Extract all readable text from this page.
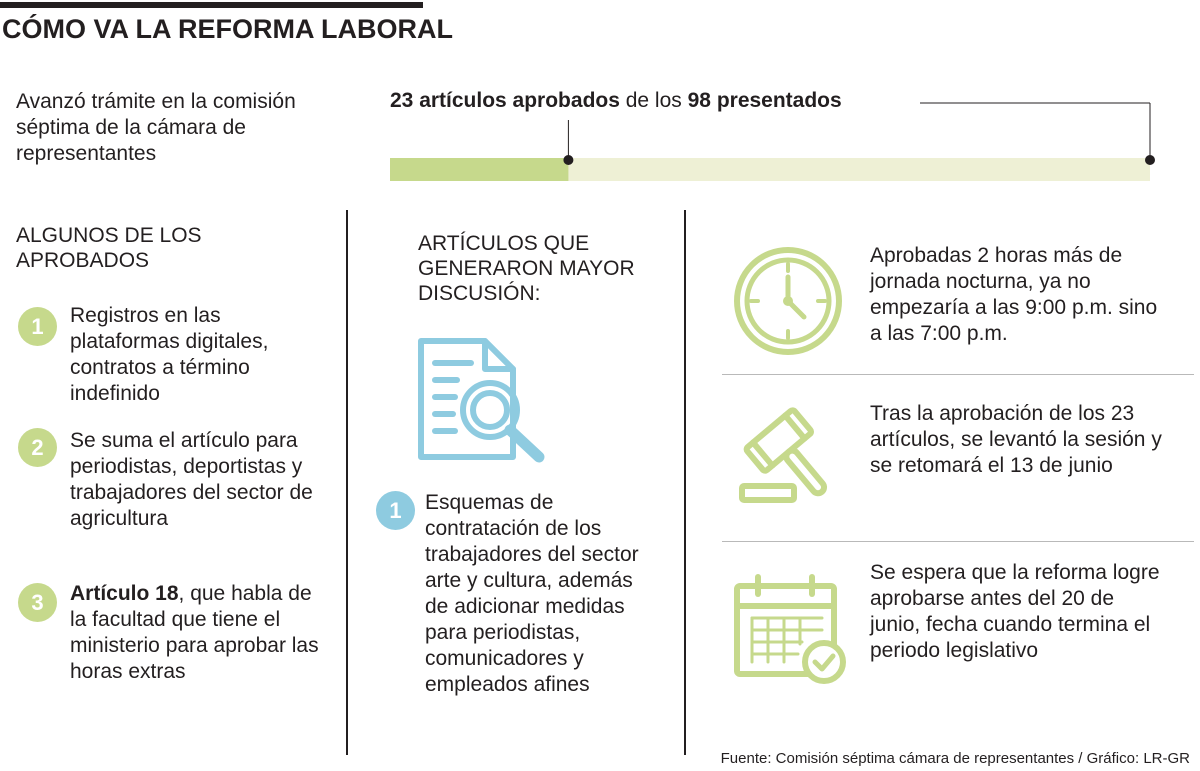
CÓMO VA LA REFORMA LABORAL
Avanzó trámite en la comisión séptima de la cámara de representantes
23 artículos aprobados de los 98 presentados
ALGUNOS DE LOS APROBADOS
1	Registros en las plataformas digitales, contratos a término indefinido
2	Se suma el artículo para periodistas, deportistas y trabajadores del sector de agricultura
3	Artículo 18, que habla de la facultad que tiene el ministerio para aprobar las horas extras
ARTÍCULOS QUE GENERARON MAYOR DISCUSIÓN:
1	Esquemas de contratación de los trabajadores del sector arte y cultura, además de adicionar medidas para periodistas, comunicadores y empleados afines
Aprobadas 2 horas más de jornada nocturna, ya no empezaría a las 9:00 p.m. sino a las 7:00 p.m.
Tras la aprobación de los 23 artículos, se levantó la sesión y se retomará el 13 de junio
Se espera que la reforma logre aprobarse antes del 20 de junio, fecha cuando termina el periodo legislativo
Fuente: Comisión séptima cámara de representantes / Gráfico: LR-GR
